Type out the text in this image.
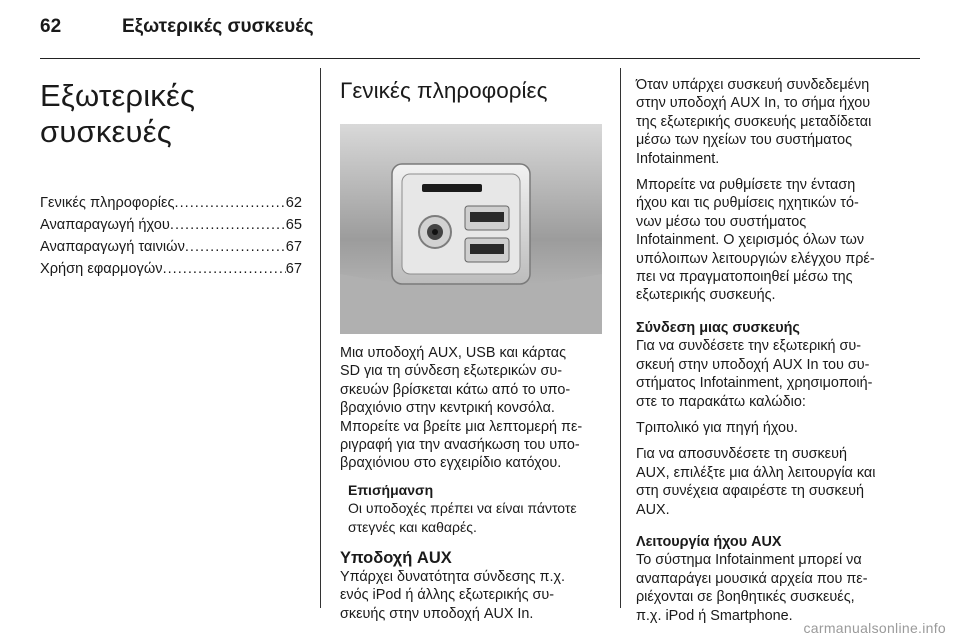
62	Εξωτερικές συσκευές
Εξωτερικές συσκευές
Γενικές πληροφορίες .....	62
Αναπαραγωγή ήχου .....	65
Αναπαραγωγή ταινιών .....	67
Χρήση εφαρμογών .....	67
Γενικές πληροφορίες

Μια υποδοχή AUX, USB και κάρτας

SD για τη σύνδεση εξωτερικών συ-

σκευών βρίσκεται κάτω από το υπο-

βραχιόνιο στην κεντρική κονσόλα.

Μπορείτε να βρείτε μια λεπτομερή πε-

ριγραφή για την ανασήκωση του υπο-

βραχιόνιου στο εγχειρίδιο κατόχου.

Επισήμανση
Οι υποδοχές πρέπει να είναι πάντοτε
στεγνές και καθαρές.
Υποδοχή AUX

Υπάρχει δυνατότητα σύνδεσης π.χ.

ενός iPod ή άλλης εξωτερικής συ-

σκευής στην υποδοχή AUX In.

Όταν υπάρχει συσκευή συνδεδεμένη

στην υποδοχή AUX In, το σήμα ήχου

της εξωτερικής συσκευής μεταδίδεται

μέσω των ηχείων του συστήματος

Infotainment.

Μπορείτε να ρυθμίσετε την ένταση

ήχου και τις ρυθμίσεις ηχητικών τό-

νων μέσω του συστήματος

Infotainment. Ο χειρισμός όλων των

υπόλοιπων λειτουργιών ελέγχου πρέ-

πει να πραγματοποιηθεί μέσω της

εξωτερικής συσκευής.

Σύνδεση μιας συσκευής

Για να συνδέσετε την εξωτερική συ-

σκευή στην υποδοχή AUX In του συ-

στήματος Infotainment, χρησιμοποιή-

στε το παρακάτω καλώδιο:

Τριπολικό για πηγή ήχου.

Για να αποσυνδέσετε τη συσκευή

AUX, επιλέξτε μια άλλη λειτουργία και

στη συνέχεια αφαιρέστε τη συσκευή

AUX.

Λειτουργία ήχου AUX

Το σύστημα Infotainment μπορεί να

αναπαράγει μουσικά αρχεία που πε-

ριέχονται σε βοηθητικές συσκευές,

π.χ. iPod ή Smartphone.

carmanualsonline.info
